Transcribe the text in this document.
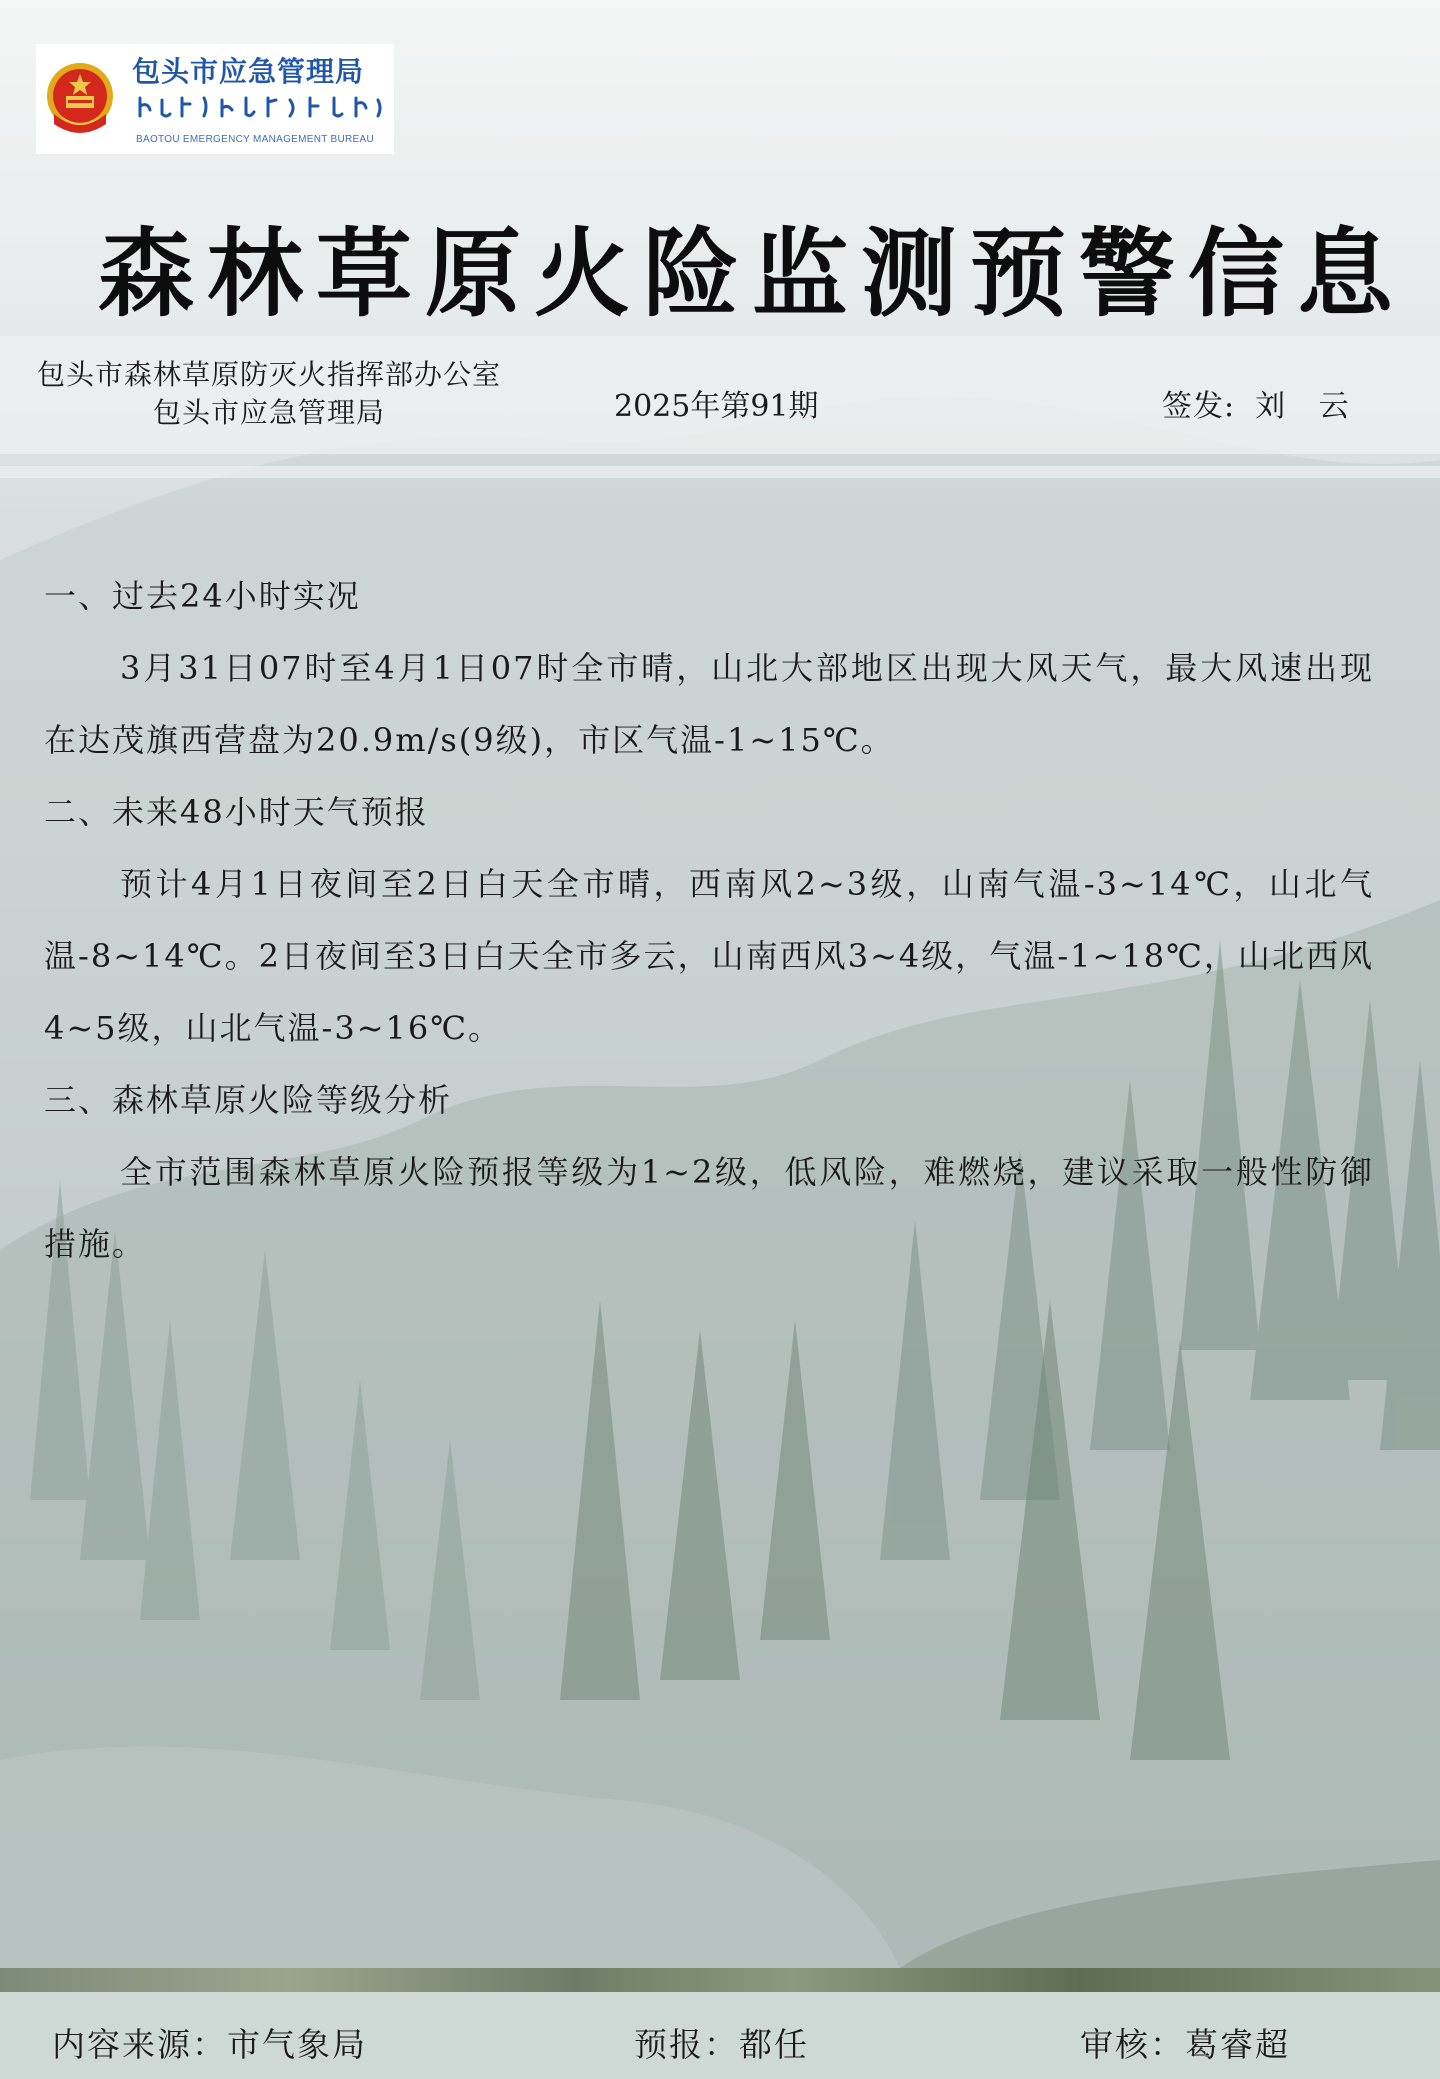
包头市应急管理局
BAOTOU EMERGENCY MANAGEMENT BUREAU
森林草原火险监测预警信息
包头市森林草原防灭火指挥部办公室
包头市应急管理局	2025年第91期	签发: 刘 云

一、过去24小时实况

3月31日07时至4月1日07时全市晴，山北大部地区出现大风天气，最大风速出现在达茂旗西营盘为20.9m/s(9级)，市区气温-1~15℃。

二、未来48小时天气预报

预计4月1日夜间至2日白天全市晴，西南风2~3级，山南气温-3~14℃，山北气温-8~14℃。2日夜间至3日白天全市多云，山南西风3~4级，气温-1~18℃，山北西风4~5级，山北气温-3~16℃。

三、森林草原火险等级分析

全市范围森林草原火险预报等级为1~2级，低风险，难燃烧，建议采取一般性防御措施。

内容来源：市气象局	预报：都任	审核：葛睿超
